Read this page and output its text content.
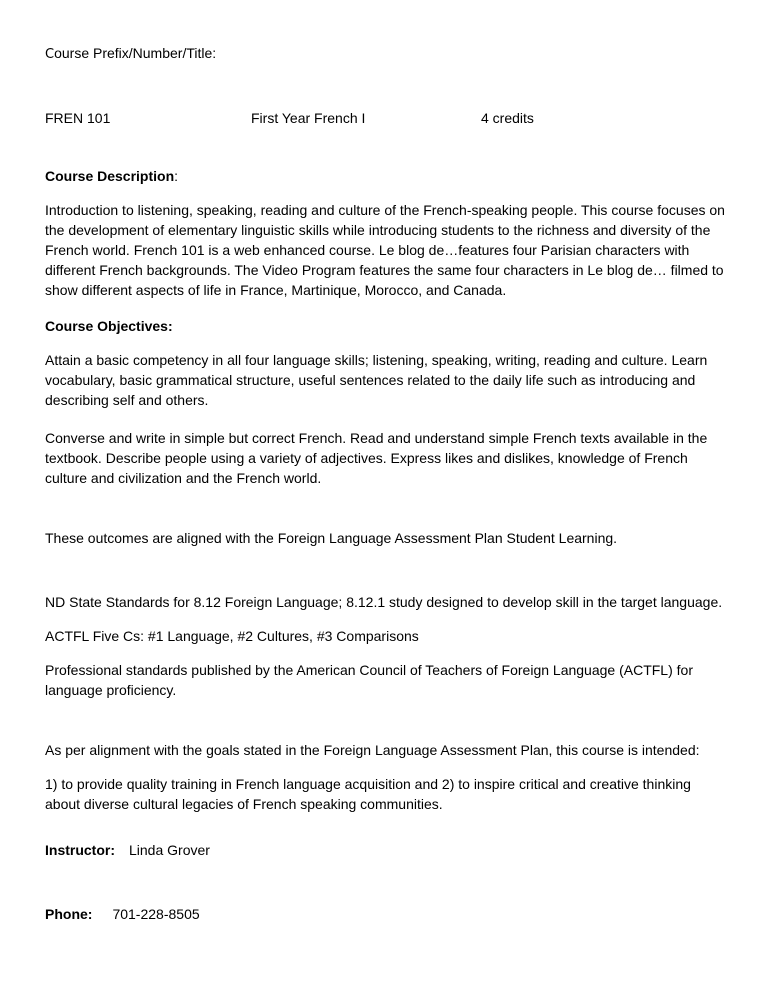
Course Prefix/Number/Title:
FREN 101	First Year French I	4 credits
Course Description:
Introduction to listening, speaking, reading and culture of the French-speaking people. This course focuses on the development of elementary linguistic skills while introducing students to the richness and diversity of the French world. French 101 is a web enhanced course. Le blog de…features four Parisian characters with different French backgrounds. The Video Program features the same four characters in Le blog de… filmed to show different aspects of life in France, Martinique, Morocco, and Canada.
Course Objectives:
Attain a basic competency in all four language skills; listening, speaking, writing, reading and culture. Learn vocabulary, basic grammatical structure, useful sentences related to the daily life such as introducing and describing self and others.
Converse and write in simple but correct French. Read and understand simple French texts available in the textbook. Describe people using a variety of adjectives. Express likes and dislikes, knowledge of French culture and civilization and the French world.
These outcomes are aligned with the Foreign Language Assessment Plan Student Learning.
ND State Standards for 8.12 Foreign Language; 8.12.1 study designed to develop skill in the target language.
ACTFL Five Cs: #1 Language, #2 Cultures, #3 Comparisons
Professional standards published by the American Council of Teachers of Foreign Language (ACTFL) for language proficiency.
As per alignment with the goals stated in the Foreign Language Assessment Plan, this course is intended:
1) to provide quality training in French language acquisition and 2) to inspire critical and creative thinking about diverse cultural legacies of French speaking communities.
Instructor: Linda Grover
Phone: 701-228-8505
